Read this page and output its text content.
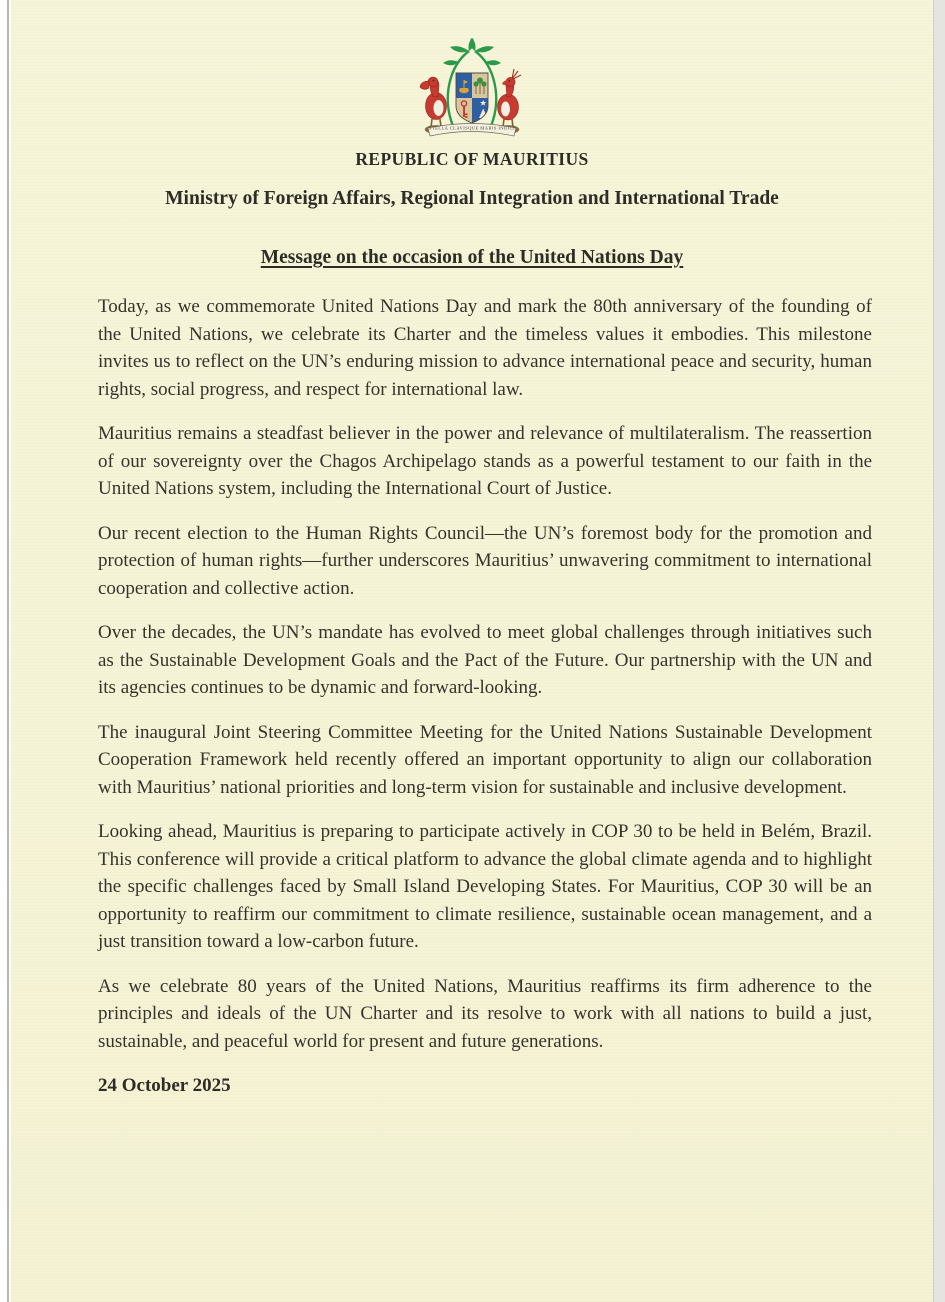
STELLA CLAVISQUE MARIS INDICI
REPUBLIC OF MAURITIUS
Ministry of Foreign Affairs, Regional Integration and International Trade
Message on the occasion of the United Nations Day

Today, as we commemorate United Nations Day and mark the 80th anniversary of the founding of the United Nations, we celebrate its Charter and the timeless values it embodies. This milestone invites us to reflect on the UN’s enduring mission to advance international peace and security, human rights, social progress, and respect for international law.

Mauritius remains a steadfast believer in the power and relevance of multilateralism. The reassertion of our sovereignty over the Chagos Archipelago stands as a powerful testament to our faith in the United Nations system, including the International Court of Justice.

Our recent election to the Human Rights Council—the UN’s foremost body for the promotion and protection of human rights—further underscores Mauritius’ unwavering commitment to international cooperation and collective action.

Over the decades, the UN’s mandate has evolved to meet global challenges through initiatives such as the Sustainable Development Goals and the Pact of the Future. Our partnership with the UN and its agencies continues to be dynamic and forward-looking.

The inaugural Joint Steering Committee Meeting for the United Nations Sustainable Development Cooperation Framework held recently offered an important opportunity to align our collaboration with Mauritius’ national priorities and long-term vision for sustainable and inclusive development.

Looking ahead, Mauritius is preparing to participate actively in COP 30 to be held in Belém, Brazil. This conference will provide a critical platform to advance the global climate agenda and to highlight the specific challenges faced by Small Island Developing States. For Mauritius, COP 30 will be an opportunity to reaffirm our commitment to climate resilience, sustainable ocean management, and a just transition toward a low-carbon future.

As we celebrate 80 years of the United Nations, Mauritius reaffirms its firm adherence to the principles and ideals of the UN Charter and its resolve to work with all nations to build a just, sustainable, and peaceful world for present and future generations.

24 October 2025
